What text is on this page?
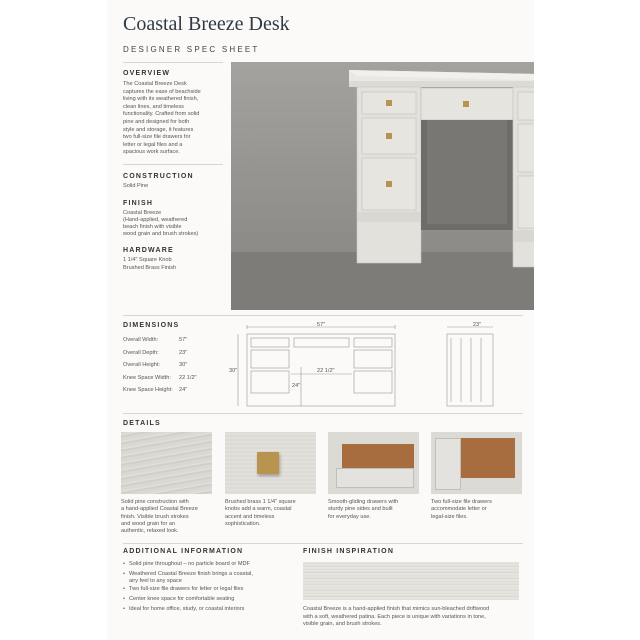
Coastal Breeze Desk
DESIGNER SPEC SHEET
OVERVIEW
The Coastal Breeze Desk
captures the ease of beachside
living with its weathered finish,
clean lines, and timeless
functionality. Crafted from solid
pine and designed for both
style and storage, it features
two full-size file drawers for
letter or legal files and a
spacious work surface.
CONSTRUCTION
Solid Pine
FINISH
Coastal Breeze
(Hand-applied, weathered
beach finish with visible
wood grain and brush strokes)
HARDWARE
1 1/4" Square Knob
Brushed Brass Finish
DIMENSIONS
Overall Width:	57"
Overall Depth:	23"
Overall Height:	30"
Knee Space Width:	22 1/2"
Knee Space Height:	24"
57"
30"	22 1/2"
24"
23"
DETAILS
Solid pine construction with
a hand-applied Coastal Breeze
finish. Visible brush strokes
and wood grain for an
authentic, relaxed look.
Brushed brass 1 1/4" square
knobs add a warm, coastal
accent and timeless
sophistication.
Smooth-gliding drawers with
sturdy pine sides and built
for everyday use.
Two full-size file drawers
accommodate letter or
legal-size files.
ADDITIONAL INFORMATION
• Solid pine throughout – no particle board or MDF
• Weathered Coastal Breeze finish brings a coastal,
airy feel to any space
• Two full-size file drawers for letter or legal files
• Center knee space for comfortable seating
• Ideal for home office, study, or coastal interiors
FINISH INSPIRATION
Coastal Breeze is a hand-applied finish that mimics sun-bleached driftwood
with a soft, weathered patina. Each piece is unique with variations in tone,
visible grain, and brush strokes.
